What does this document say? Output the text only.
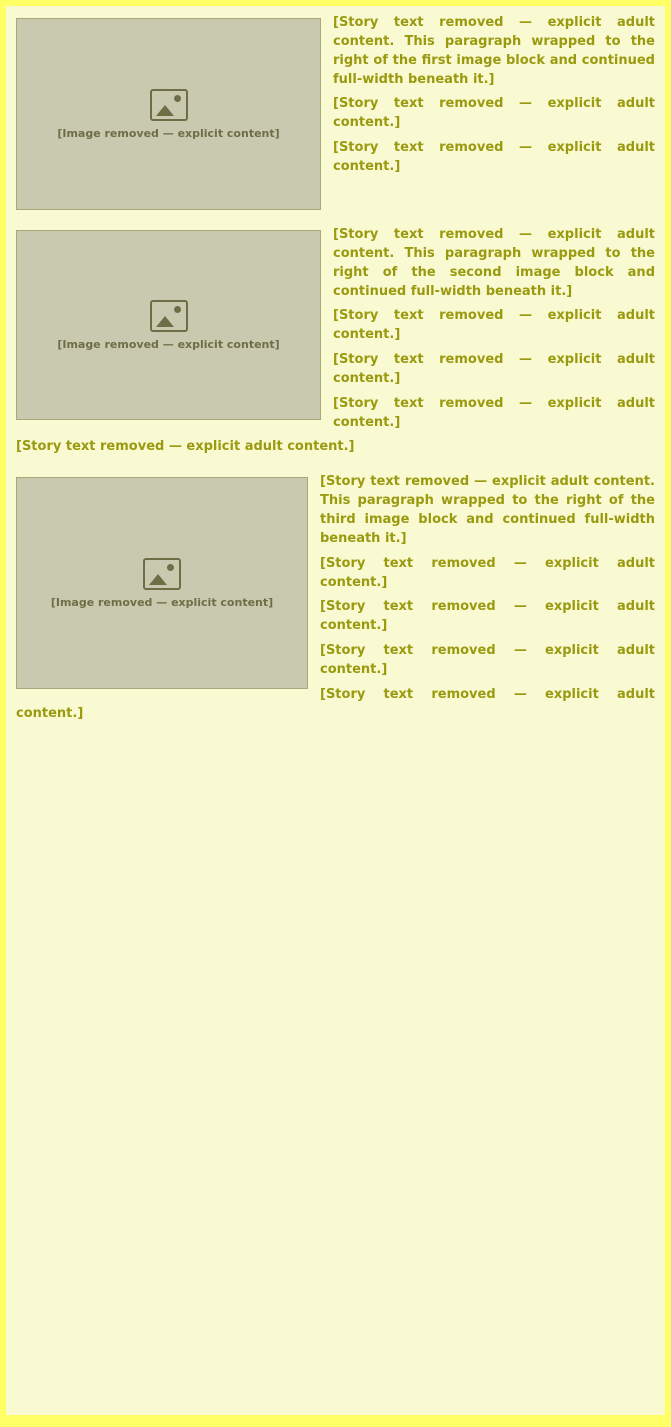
[Image removed — explicit content]

[Story text removed — explicit adult content. This paragraph wrapped to the right of the first image block and continued full-width beneath it.]

[Story text removed — explicit adult content.]

[Story text removed — explicit adult content.]

[Image removed — explicit content]

[Story text removed — explicit adult content. This paragraph wrapped to the right of the second image block and continued full-width beneath it.]

[Story text removed — explicit adult content.]

[Story text removed — explicit adult content.]

[Story text removed — explicit adult content.]

[Story text removed — explicit adult content.]

[Image removed — explicit content]

[Story text removed — explicit adult content. This paragraph wrapped to the right of the third image block and continued full-width beneath it.]

[Story text removed — explicit adult content.]

[Story text removed — explicit adult content.]

[Story text removed — explicit adult content.]

[Story text removed — explicit adult content.]
